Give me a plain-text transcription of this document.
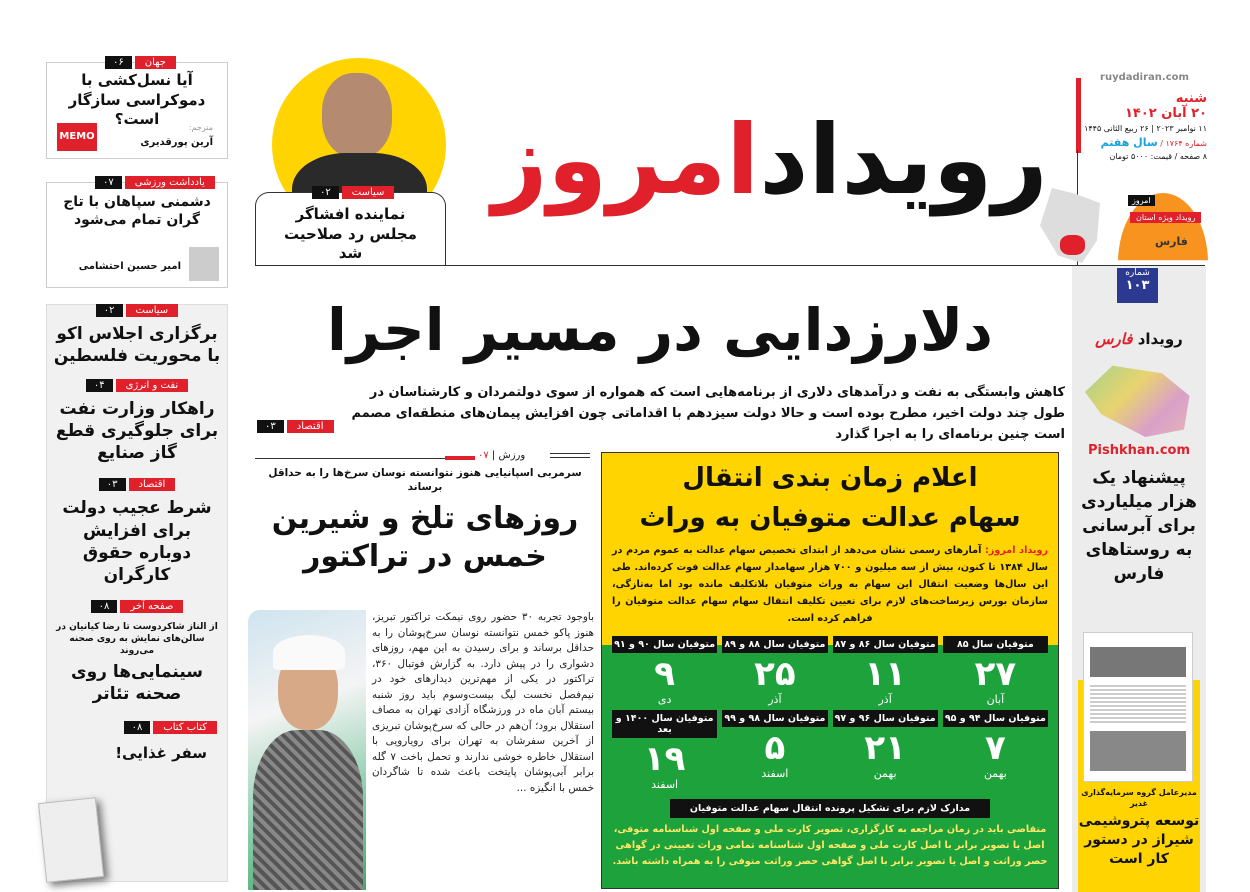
جهان
۰۶
آیا نسل‌کشی با دموکراسی سازگار است؟
MEMO
مترجم:
آرین پورقدیری
یادداشت ورزشی
۰۷
دشمنی سپاهان با تاج گران تمام می‌شود
امیر حسین احتشامی
سیاست
۰۲
برگزاری اجلاس اکو با محوریت فلسطین
نفت و انرژی
۰۴
راهکار وزارت نفت برای جلوگیری قطع گاز صنایع
اقتصاد
۰۳
شرط عجیب دولت برای افزایش دوباره حقوق کارگران
صفحه آخر
۰۸
از الناز شاکردوست تا رضا کیانیان در سالن‌های نمایش به روی صحنه می‌روند
سینمایی‌ها روی صحنه تئاتر
کتاب کتاب
۰۸
سفر غذایی!
سیاست
۰۲
نماینده افشاگر مجلس رد صلاحیت شد
رویدادامروز
ruydadiran.com
شنبه
۲۰ آبان ۱۴۰۲
۱۱ نوامبر ۲۰۲۳ | ۲۶ ربیع الثانی ۱۴۴۵
شماره ۱۷۶۴ / سال هفتم
۸ صفحه / قیمت: ۵۰۰۰ تومان
امروز
رویداد ویژه استان
فارس
شماره
۱۰۳
رویداد فارس
Pishkhan.com
پیشنهاد یک هزار میلیاردی برای آبرسانی به روستاهای فارس
مدیرعامل گروه سرمایه‌گذاری غدیر
توسعه پتروشیمی شیراز در دستور کار است
دلارزدایی در مسیر اجرا
کاهش وابستگی به نفت و درآمدهای دلاری از برنامه‌هایی است که همواره از سوی دولتمردان و کارشناسان در طول چند دولت اخیر، مطرح بوده است و حالا دولت سیزدهم با اقداماتی چون افزایش پیمان‌های منطقه‌ای مصمم است چنین برنامه‌ای را به اجرا گذارد
اقتصاد
۰۳
ورزش | ۰۷
سرمربی اسپانیایی هنوز نتوانسته نوسان سرخ‌ها را به حداقل برساند
روزهای تلخ و شیرین خمس در تراکتور
باوجود تجربه ۳۰ حضور روی نیمکت تراکتور تبریز، هنوز پاکو خمس نتوانسته نوسان سرخ‌پوشان را به حداقل برساند و برای رسیدن به این مهم، روزهای دشواری را در پیش دارد. به گزارش فوتبال ۳۶۰، تراکتور در یکی از مهم‌ترین دیدارهای خود در نیم‌فصل نخست لیگ بیست‌وسوم باید روز شنبه بیستم آبان ماه در ورزشگاه آزادی تهران به مصاف استقلال برود؛ آن‌هم در حالی که سرخ‌پوشان تبریزی از آخرین سفرشان به تهران برای رویارویی با استقلال خاطره خوشی ندارند و تحمل باخت ۷ گله برابر آبی‌پوشان پایتخت باعث شده تا شاگردان خمس با انگیزه ...
اعلام زمان بندی انتقال
سهام عدالت متوفیان به وراث
رویداد امروز: آمارهای رسمی نشان می‌دهد از ابتدای تخصیص سهام عدالت به عموم مردم در سال ۱۳۸۴ تا کنون، بیش از سه میلیون و ۷۰۰ هزار سهامدار سهام عدالت فوت کرده‌اند. طی این سال‌ها وضعیت انتقال این سهام به وراث متوفیان بلاتکلیف مانده بود اما به‌تازگی، سازمان بورس زیرساخت‌های لازم برای تعیین تکلیف انتقال سهام سهام عدالت متوفیان را فراهم کرده است.
متوفیان سال ۸۵
۲۷
آبان
متوفیان سال ۸۶ و ۸۷
۱۱
آذر
متوفیان سال ۸۸ و ۸۹
۲۵
آذر
متوفیان سال ۹۰ و ۹۱
۹
دی
متوفیان سال ۹۴ و ۹۵
۷
بهمن
متوفیان سال ۹۶ و ۹۷
۲۱
بهمن
متوفیان سال ۹۸ و ۹۹
۵
اسفند
متوفیان سال ۱۴۰۰ و بعد
۱۹
اسفند
مدارک لازم برای تشکیل پرونده انتقال سهام عدالت متوفیان
متقاضی باید در زمان مراجعه به کارگزاری، تصویر کارت ملی و صفحه اول شناسنامه متوفی، اصل یا تصویر برابر با اصل کارت ملی و صفحه اول شناسنامه تمامی وراث تعیینی در گواهی حصر وراثت و اصل یا تصویر برابر با اصل گواهی حصر وراثت متوفی را به همراه داشته باشد.
